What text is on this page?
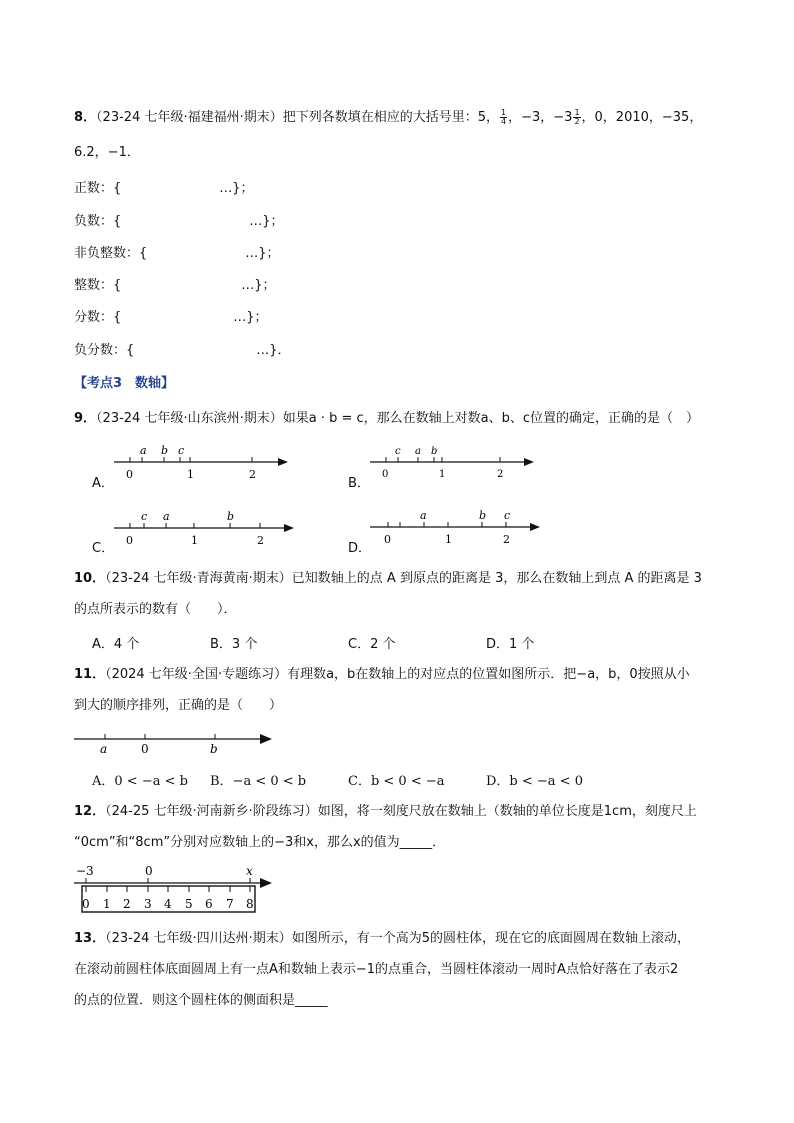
8．（23-24 七年级·福建福州·期末）把下列各数填在相应的大括号里：5， $\frac{1}{4}$ ，−3，$-3 \frac{1}{2}$ ，0，2010，−35，
6.2，−1．
正数：{	…}；
负数：{	…}；
非负整数：{	…}；
整数：{	…}；
分数：{	…}；
负分数：{	…}．
【考点3　数轴】
9．（23-24 七年级·山东滨州·期末）如果a · b = c，那么在数轴上对数a、b、c位置的确定，正确的是（　）
A．
a b c
0	1	2
B．
c a b
0	1	2
C．
c a	b
0	1	2
D．
a	b c
0	1	2
10．（23-24 七年级·青海黄南·期末）已知数轴上的点 A 到原点的距离是 3，那么在数轴上到点 A 的距离是 3
的点所表示的数有（　　）．
A．4 个	B．3 个	C．2 个	D．1 个
11．（2024 七年级·全国·专题练习）有理数a，b在数轴上的对应点的位置如图所示．把−a，b，0按照从小
到大的顺序排列，正确的是（　　）
a	0	b
A．0 < −a < b B．−a < 0 < b	C．b < 0 < −a	D．b < −a < 0
12．（24-25 七年级·河南新乡·阶段练习）如图，将一刻度尺放在数轴上（数轴的单位长度是1cm，刻度尺上
“0cm”和“8cm”分别对应数轴上的−3和x，那么x的值为_____．
−3	0	x
0 1 2 3 4 5 6 7 8
13．（23-24 七年级·四川达州·期末）如图所示，有一个高为5的圆柱体，现在它的底面圆周在数轴上滚动，
在滚动前圆柱体底面圆周上有一点A和数轴上表示−1的点重合，当圆柱体滚动一周时A点恰好落在了表示2
的点的位置．则这个圆柱体的侧面积是_____
